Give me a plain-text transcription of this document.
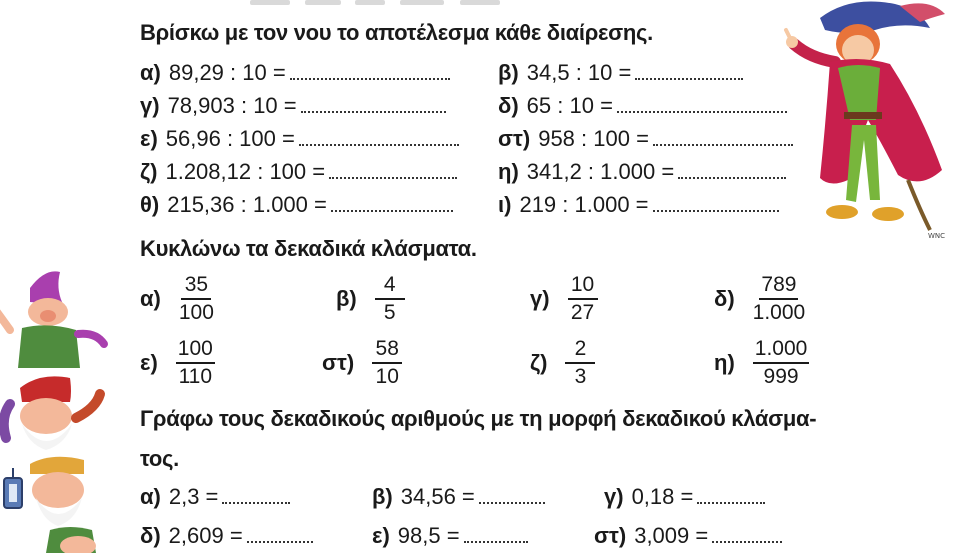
Βρίσκω με τον νου το αποτέλεσμα κάθε διαίρεσης.
α) 89,29 : 10 =	β) 34,5 : 10 =
γ) 78,903 : 10 =	δ) 65 : 10 =
ε) 56,96 : 100 =	στ) 958 : 100 =
ζ) 1.208,12 : 100 =	η) 341,2 : 1.000 =
θ) 215,36 : 1.000 =	ι) 219 : 1.000 =
Κυκλώνω τα δεκαδικά κλάσματα.
$\alpha) \frac{35}{100}$	$\beta) \frac{4}{5}$	$\gamma) \frac{10}{27}$	$\delta) \frac{789}{1.000}$
$\varepsilon) \frac{100}{110}$	$\sigma\tau) \frac{58}{10}$	$\zeta) \frac{2}{3}$	$\eta) \frac{1.000}{999}$
Γράφω τους δεκαδικούς αριθμούς με τη μορφή δεκαδικού κλάσμα-
τος.
α) 2,3 =	β) 34,56 =	γ) 0,18 =
δ) 2,609 =	ε) 98,5 =	στ) 3,009 =
WNC
